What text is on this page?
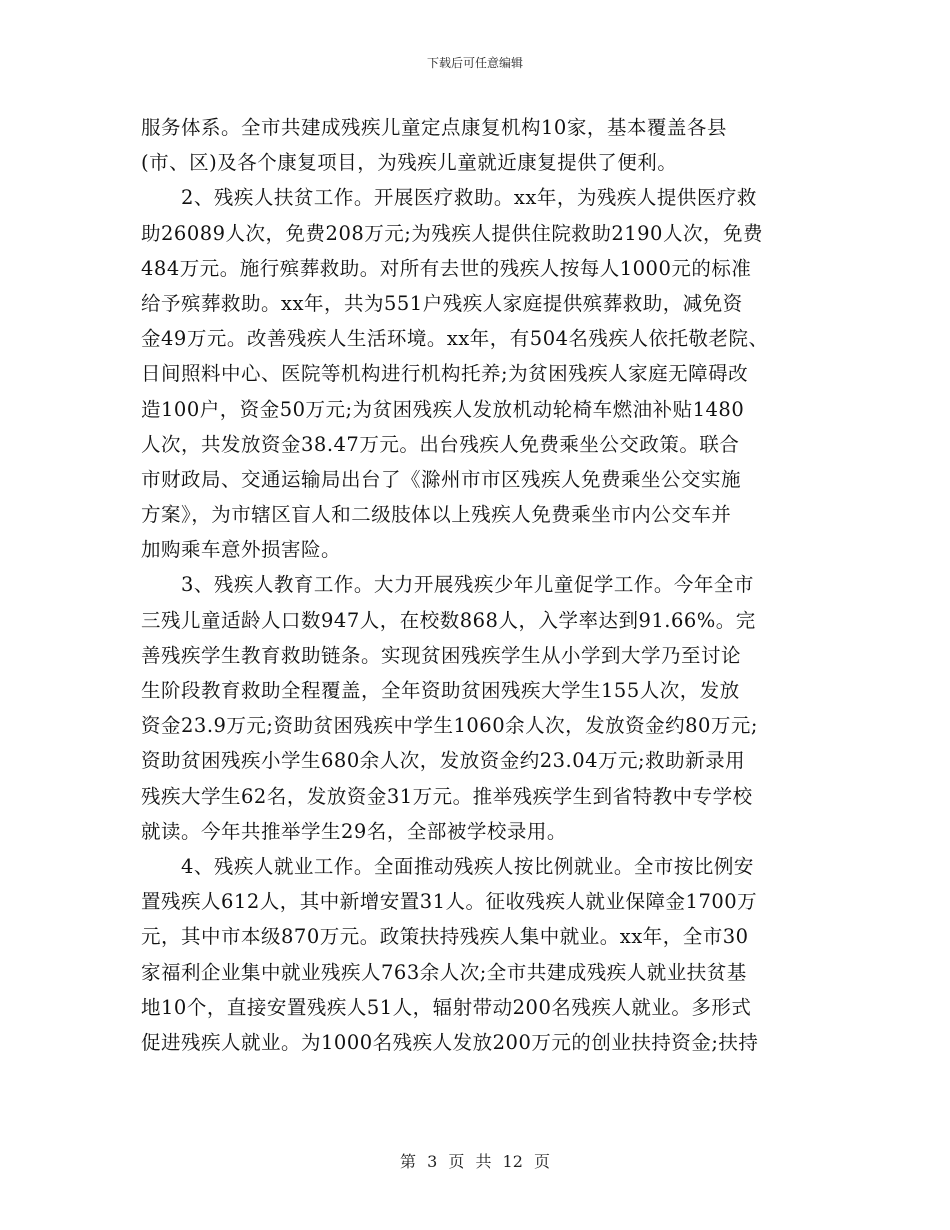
下载后可任意编辑
服务体系。全市共建成残疾儿童定点康复机构10家，基本覆盖各县
(市、区)及各个康复项目，为残疾儿童就近康复提供了便利。
2、残疾人扶贫工作。开展医疗救助。xx年，为残疾人提供医疗救
助26089人次，免费208万元;为残疾人提供住院救助2190人次，免费
484万元。施行殡葬救助。对所有去世的残疾人按每人1000元的标准
给予殡葬救助。xx年，共为551户残疾人家庭提供殡葬救助，减免资
金49万元。改善残疾人生活环境。xx年，有504名残疾人依托敬老院、
日间照料中心、医院等机构进行机构托养;为贫困残疾人家庭无障碍改
造100户，资金50万元;为贫困残疾人发放机动轮椅车燃油补贴1480
人次，共发放资金38.47万元。出台残疾人免费乘坐公交政策。联合
市财政局、交通运输局出台了《滁州市市区残疾人免费乘坐公交实施
方案》，为市辖区盲人和二级肢体以上残疾人免费乘坐市内公交车并
加购乘车意外损害险。
3、残疾人教育工作。大力开展残疾少年儿童促学工作。今年全市
三残儿童适龄人口数947人，在校数868人，入学率达到91.66%。完
善残疾学生教育救助链条。实现贫困残疾学生从小学到大学乃至讨论
生阶段教育救助全程覆盖，全年资助贫困残疾大学生155人次，发放
资金23.9万元;资助贫困残疾中学生1060余人次，发放资金约80万元;
资助贫困残疾小学生680余人次，发放资金约23.04万元;救助新录用
残疾大学生62名，发放资金31万元。推举残疾学生到省特教中专学校
就读。今年共推举学生29名，全部被学校录用。
4、残疾人就业工作。全面推动残疾人按比例就业。全市按比例安
置残疾人612人，其中新增安置31人。征收残疾人就业保障金1700万
元，其中市本级870万元。政策扶持残疾人集中就业。xx年，全市30
家福利企业集中就业残疾人763余人次;全市共建成残疾人就业扶贫基
地10个，直接安置残疾人51人，辐射带动200名残疾人就业。多形式
促进残疾人就业。为1000名残疾人发放200万元的创业扶持资金;扶持
第 3 页 共 12 页
